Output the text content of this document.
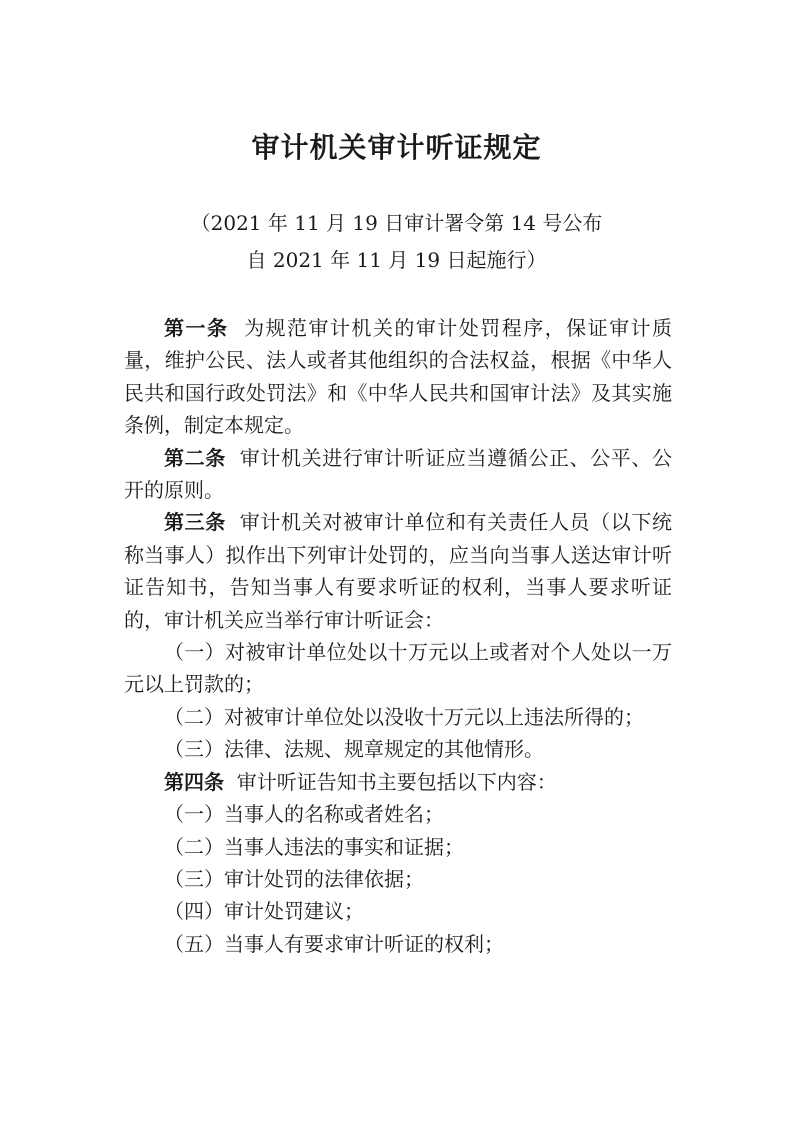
审计机关审计听证规定
（2021 年 11 月 19 日审计署令第 14 号公布
自 2021 年 11 月 19 日起施行）

第一条 为规范审计机关的审计处罚程序，保证审计质量，维护公民、法人或者其他组织的合法权益，根据《中华人民共和国行政处罚法》和《中华人民共和国审计法》及其实施条例，制定本规定。

第二条 审计机关进行审计听证应当遵循公正、公平、公开的原则。

第三条 审计机关对被审计单位和有关责任人员（以下统称当事人）拟作出下列审计处罚的，应当向当事人送达审计听证告知书，告知当事人有要求听证的权利，当事人要求听证的，审计机关应当举行审计听证会：

（一）对被审计单位处以十万元以上或者对个人处以一万元以上罚款的；

（二）对被审计单位处以没收十万元以上违法所得的；

（三）法律、法规、规章规定的其他情形。

第四条 审计听证告知书主要包括以下内容：

（一）当事人的名称或者姓名；

（二）当事人违法的事实和证据；

（三）审计处罚的法律依据；

（四）审计处罚建议；

（五）当事人有要求审计听证的权利；
